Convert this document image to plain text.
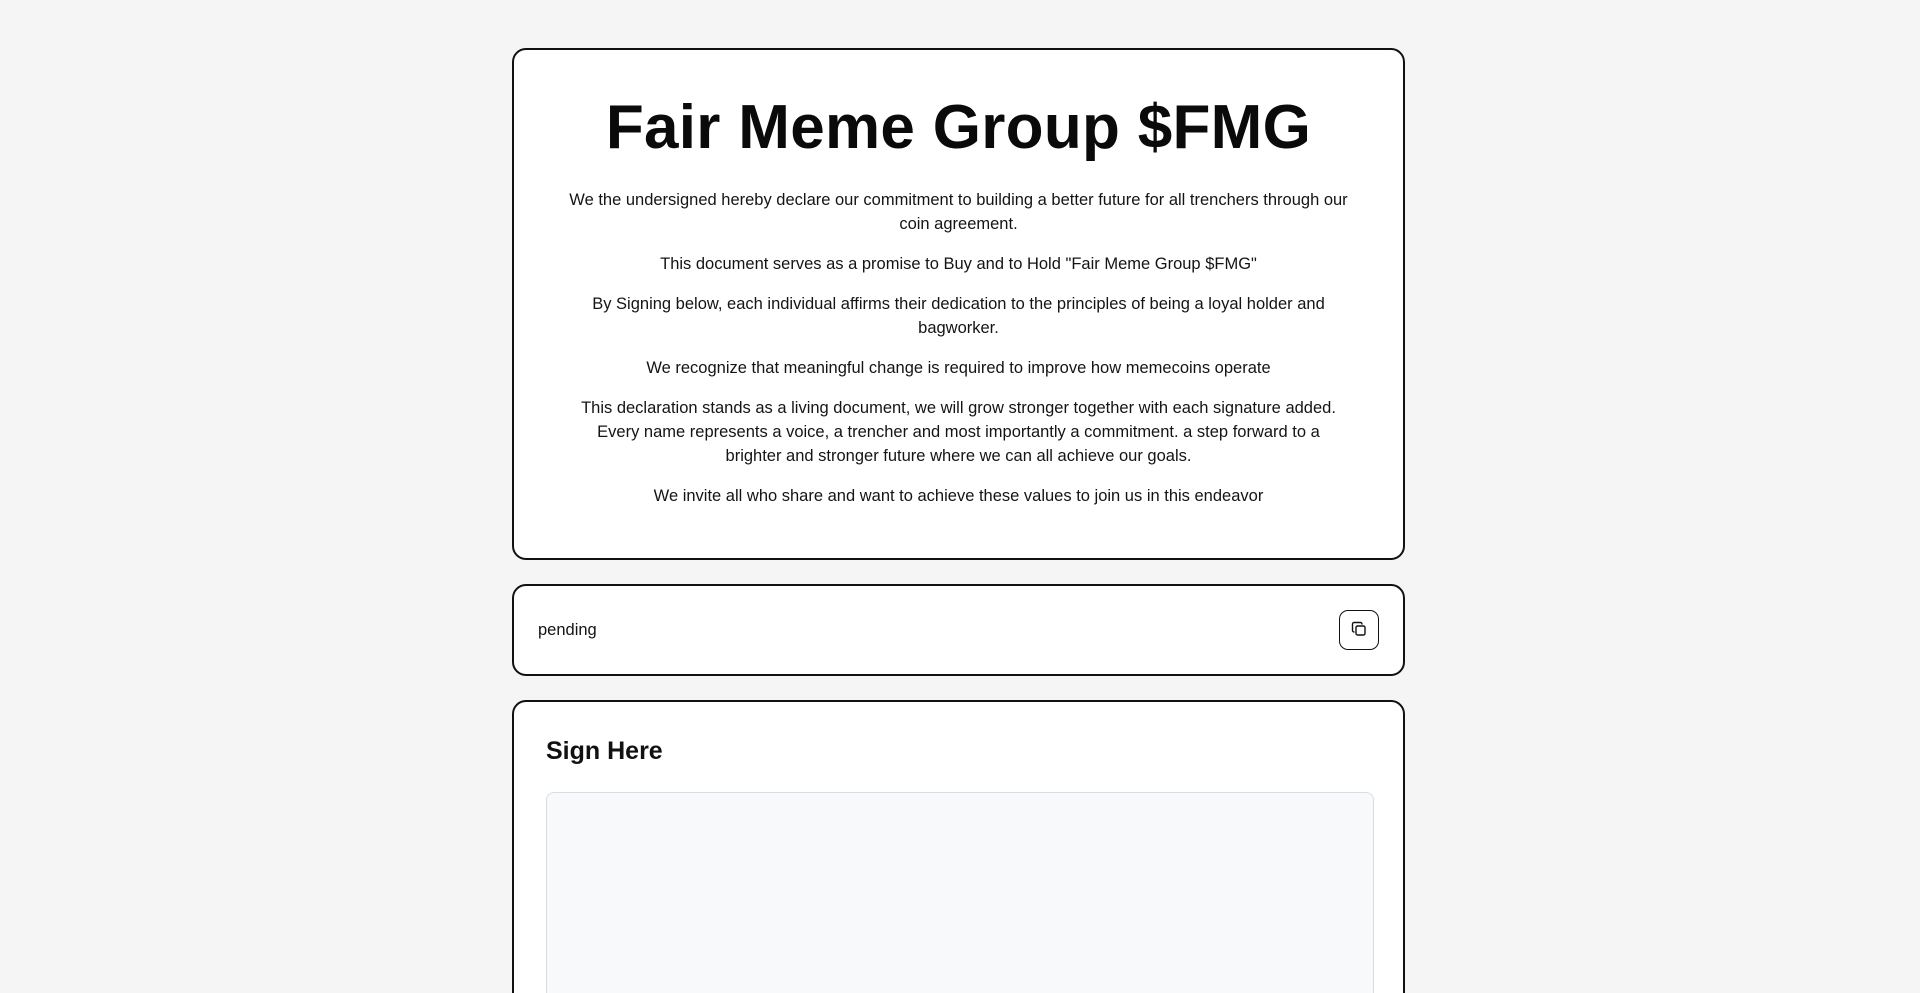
Fair Meme Group $FMG

We the undersigned hereby declare our commitment to building a better future for all trenchers through our coin agreement.

This document serves as a promise to Buy and to Hold "Fair Meme Group $FMG"

By Signing below, each individual affirms their dedication to the principles of being a loyal holder and bagworker.

We recognize that meaningful change is required to improve how memecoins operate

This declaration stands as a living document, we will grow stronger together with each signature added. Every name represents a voice, a trencher and most importantly a commitment. a step forward to a brighter and stronger future where we can all achieve our goals.

We invite all who share and want to achieve these values to join us in this endeavor

pending
Sign Here
